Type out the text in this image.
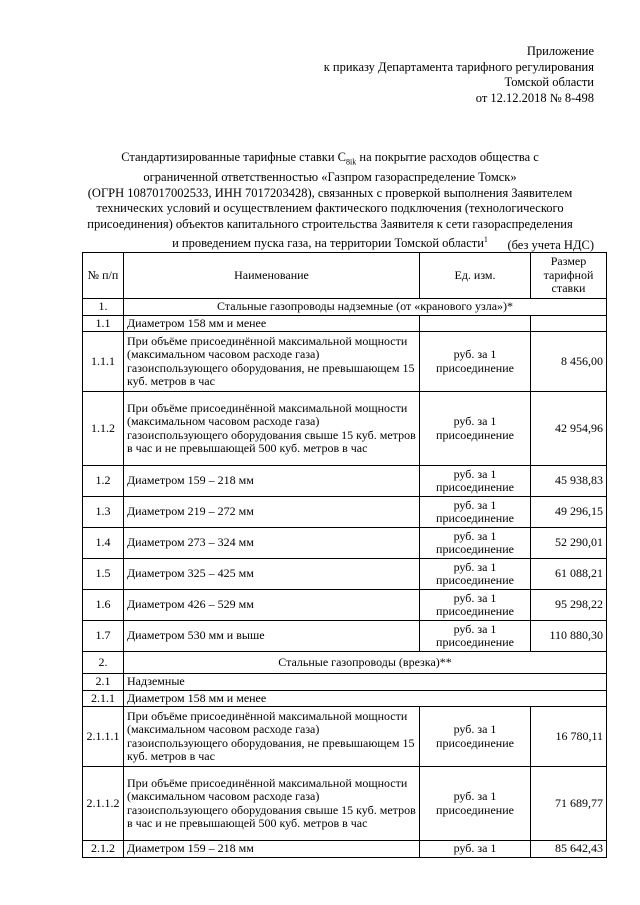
Приложение
к приказу Департамента тарифного регулирования
Томской области
от 12.12.2018 № 8-498
Стандартизированные тарифные ставки $С_{8ik}$ на покрытие расходов общества с
ограниченной ответственностью «Газпром газораспределение Томск»
(ОГРН 1087017002533, ИНН 7017203428), связанных с проверкой выполнения Заявителем
технических условий и осуществлением фактического подключения (технологического
присоединения) объектов капитального строительства Заявителя к сети газораспределения
и проведением пуска газа, на территории Томской области$^1$	(без учета НДС)
№ п/п	Наименование	Ед. изм.	Размер тарифной ставки
1.	Стальные газопроводы надземные (от «кранового узла»)*		
1.1	Диаметром 158 мм и менее		
1.1.1	При объёме присоединённой максимальной мощности (максимальном часовом расходе газа) газоиспользующего оборудования, не превышающем 15 куб. метров в час	руб. за 1 присоединение	8 456,00
1.1.2	При объёме присоединённой максимальной мощности (максимальном часовом расходе газа) газоиспользующего оборудования свыше 15 куб. метров в час и не превышающей 500 куб. метров в час	руб. за 1 присоединение	42 954,96
1.2	Диаметром 159 – 218 мм	руб. за 1 присоединение	45 938,83
1.3	Диаметром 219 – 272 мм	руб. за 1 присоединение	49 296,15
1.4	Диаметром 273 – 324 мм	руб. за 1 присоединение	52 290,01
1.5	Диаметром 325 – 425 мм	руб. за 1 присоединение	61 088,21
1.6	Диаметром 426 – 529 мм	руб. за 1 присоединение	95 298,22
1.7	Диаметром 530 мм и выше	руб. за 1 присоединение	110 880,30
2.	Стальные газопроводы (врезка)**		
2.1	Надземные		
2.1.1	Диаметром 158 мм и менее		
2.1.1.1	При объёме присоединённой максимальной мощности (максимальном часовом расходе газа) газоиспользующего оборудования, не превышающем 15 куб. метров в час	руб. за 1 присоединение	16 780,11
2.1.1.2	При объёме присоединённой максимальной мощности (максимальном часовом расходе газа) газоиспользующего оборудования свыше 15 куб. метров в час и не превышающей 500 куб. метров в час	руб. за 1 присоединение	71 689,77
2.1.2	Диаметром 159 – 218 мм	руб. за 1	85 642,43
